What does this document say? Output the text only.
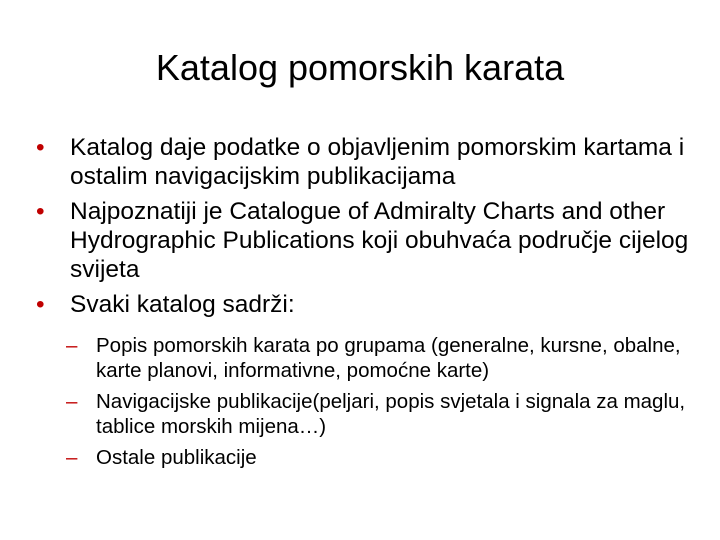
Katalog pomorskih karata
•	Katalog daje podatke o objavljenim pomorskim kartama i ostalim navigacijskim publikacijama
•	Najpoznatiji je Catalogue of Admiralty Charts and other Hydrographic Publications koji obuhvaća područje cijelog svijeta
•	Svaki katalog sadrži:
– Popis pomorskih karata po grupama (generalne, kursne, obalne, karte planovi, informativne, pomoćne karte)
– Navigacijske publikacije(peljari, popis svjetala i signala za maglu, tablice morskih mijena…)
– Ostale publikacije
